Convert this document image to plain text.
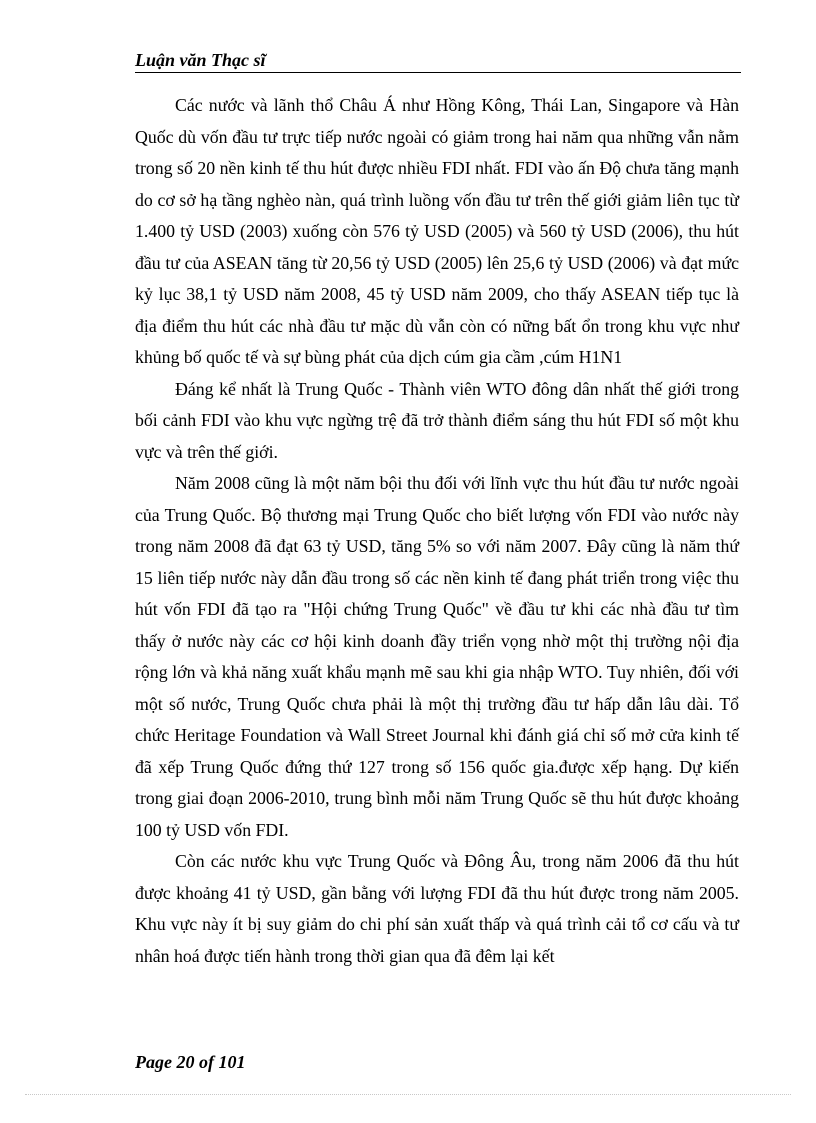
Luận văn Thạc sĩ

Các nước và lãnh thổ Châu Á như Hồng Kông, Thái Lan, Singapore và Hàn Quốc dù vốn đầu tư trực tiếp nước ngoài có giảm trong hai năm qua những vẫn nằm trong số 20 nền kinh tế thu hút được nhiều FDI nhất. FDI vào ấn Độ chưa tăng mạnh do cơ sở hạ tầng nghèo nàn, quá trình luồng vốn đầu tư trên thế giới giảm liên tục từ 1.400 tỷ USD (2003) xuống còn 576 tỷ USD (2005) và 560 tỷ USD (2006), thu hút đầu tư của ASEAN tăng từ 20,56 tỷ USD (2005) lên 25,6 tỷ USD (2006) và đạt mức kỷ lục 38,1 tỷ USD năm 2008, 45 tỷ USD năm 2009, cho thấy ASEAN tiếp tục là địa điểm thu hút các nhà đầu tư mặc dù vẫn còn có nững bất ổn trong khu vực như khủng bố quốc tế và sự bùng phát của dịch cúm gia cầm ,cúm H1N1

Đáng kể nhất là Trung Quốc - Thành viên WTO đông dân nhất thế giới trong bối cảnh FDI vào khu vực ngừng trệ đã trở thành điểm sáng thu hút FDI số một khu vực và trên thế giới.

Năm 2008 cũng là một năm bội thu đối với lĩnh vực thu hút đầu tư nước ngoài của Trung Quốc. Bộ thương mại Trung Quốc cho biết lượng vốn FDI vào nước này trong năm 2008 đã đạt 63 tỷ USD, tăng 5% so với năm 2007. Đây cũng là năm thứ 15 liên tiếp nước này dẫn đầu trong số các nền kinh tế đang phát triển trong việc thu hút vốn FDI đã tạo ra "Hội chứng Trung Quốc" về đầu tư khi các nhà đầu tư tìm thấy ở nước này các cơ hội kinh doanh đầy triển vọng nhờ một thị trường nội địa rộng lớn và khả năng xuất khẩu mạnh mẽ sau khi gia nhập WTO. Tuy nhiên, đối với một số nước, Trung Quốc chưa phải là một thị trường đầu tư hấp dẫn lâu dài. Tổ chức Heritage Foundation và Wall Street Journal khi đánh giá chỉ số mở cửa kinh tế đã xếp Trung Quốc đứng thứ 127 trong số 156 quốc gia.được xếp hạng. Dự kiến trong giai đoạn 2006-2010, trung bình mỗi năm Trung Quốc sẽ thu hút được khoảng 100 tỷ USD vốn FDI.

Còn các nước khu vực Trung Quốc và Đông Âu, trong năm 2006 đã thu hút được khoảng 41 tỷ USD, gần bằng với lượng FDI đã thu hút được trong năm 2005. Khu vực này ít bị suy giảm do chi phí sản xuất thấp và quá trình cải tổ cơ cấu và tư nhân hoá được tiến hành trong thời gian qua đã đêm lại kết

Page 20 of 101
